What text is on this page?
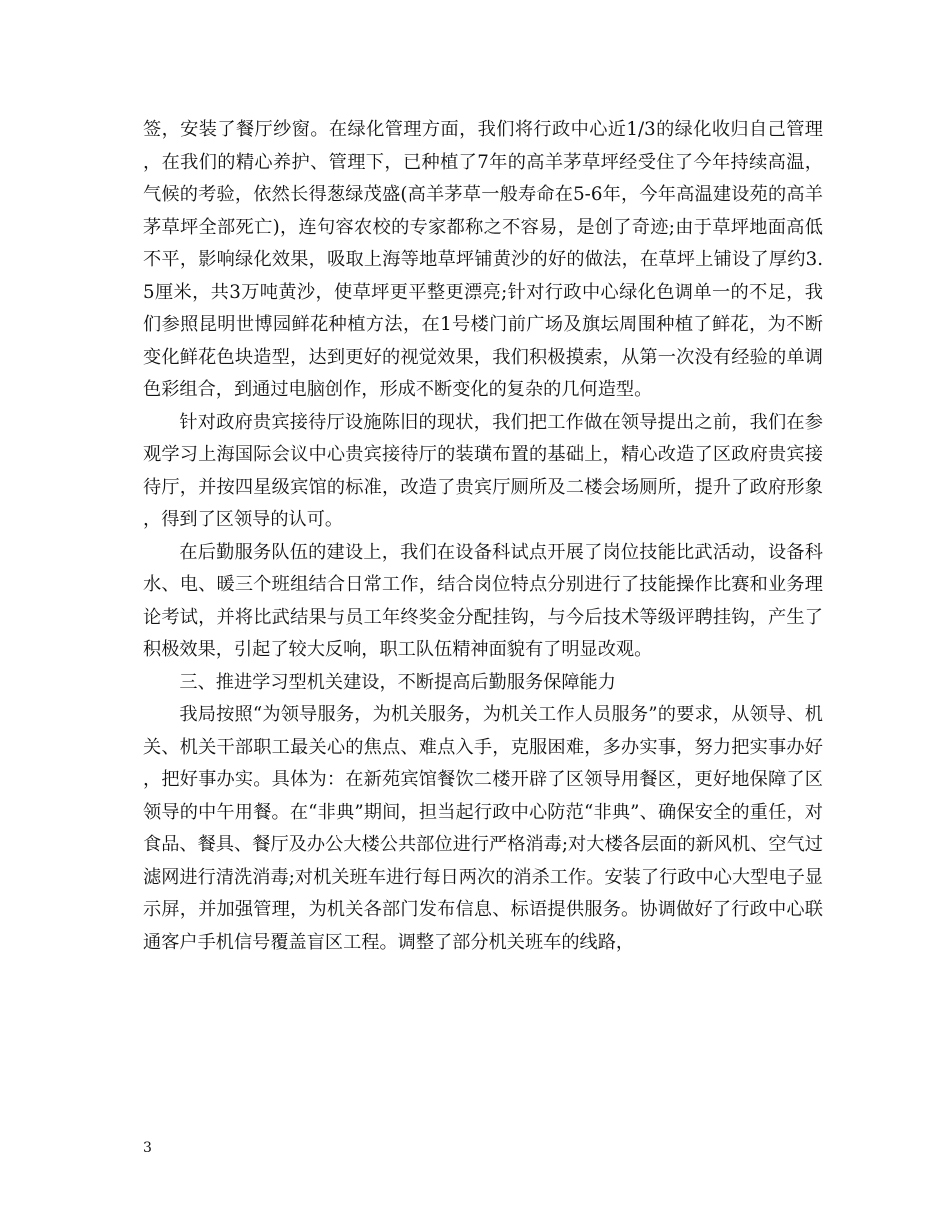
签，安装了餐厅纱窗。在绿化管理方面，我们将行政中心近1/3的绿化收归自己管理，在我们的精心养护、管理下，已种植了7年的高羊茅草坪经受住了今年持续高温，气候的考验，依然长得葱绿茂盛(高羊茅草一般寿命在5-6年，今年高温建设苑的高羊茅草坪全部死亡)，连句容农校的专家都称之不容易，是创了奇迹;由于草坪地面高低不平，影响绿化效果，吸取上海等地草坪铺黄沙的好的做法，在草坪上铺设了厚约3.5厘米，共3万吨黄沙，使草坪更平整更漂亮;针对行政中心绿化色调单一的不足，我们参照昆明世博园鲜花种植方法，在1号楼门前广场及旗坛周围种植了鲜花，为不断变化鲜花色块造型，达到更好的视觉效果，我们积极摸索，从第一次没有经验的单调色彩组合，到通过电脑创作，形成不断变化的复杂的几何造型。

针对政府贵宾接待厅设施陈旧的现状，我们把工作做在领导提出之前，我们在参观学习上海国际会议中心贵宾接待厅的装璜布置的基础上，精心改造了区政府贵宾接待厅，并按四星级宾馆的标准，改造了贵宾厅厕所及二楼会场厕所，提升了政府形象，得到了区领导的认可。

在后勤服务队伍的建设上，我们在设备科试点开展了岗位技能比武活动，设备科水、电、暖三个班组结合日常工作，结合岗位特点分别进行了技能操作比赛和业务理论考试，并将比武结果与员工年终奖金分配挂钩，与今后技术等级评聘挂钩，产生了积极效果，引起了较大反响，职工队伍精神面貌有了明显改观。

三、推进学习型机关建设，不断提高后勤服务保障能力

我局按照“为领导服务，为机关服务，为机关工作人员服务”的要求，从领导、机关、机关干部职工最关心的焦点、难点入手，克服困难，多办实事，努力把实事办好，把好事办实。具体为：在新苑宾馆餐饮二楼开辟了区领导用餐区，更好地保障了区领导的中午用餐。在“非典”期间，担当起行政中心防范“非典”、确保安全的重任，对食品、餐具、餐厅及办公大楼公共部位进行严格消毒;对大楼各层面的新风机、空气过滤网进行清洗消毒;对机关班车进行每日两次的消杀工作。安装了行政中心大型电子显示屏，并加强管理，为机关各部门发布信息、标语提供服务。协调做好了行政中心联通客户手机信号覆盖盲区工程。调整了部分机关班车的线路，

3
